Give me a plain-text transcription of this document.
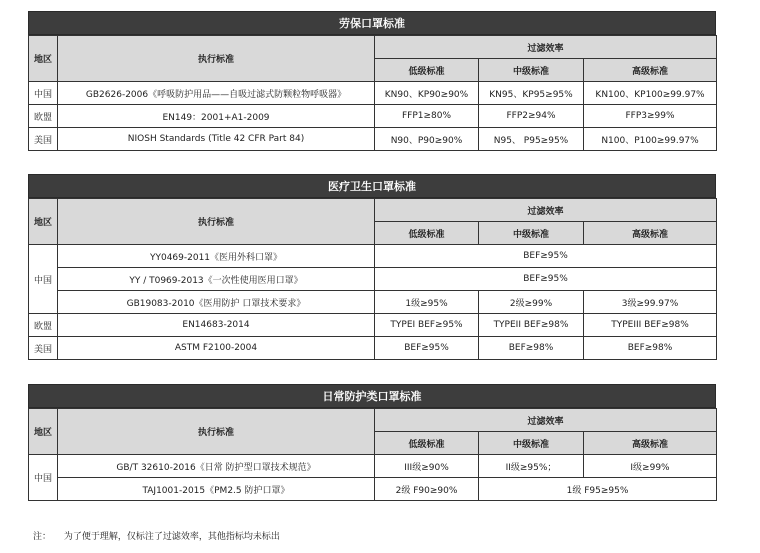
劳保口罩标准
地区	执行标准	过滤效率		
		低级标准	中级标准	高级标准
中国	GB2626-2006《呼吸防护用品——自吸过滤式防颗粒物呼吸器》	KN90、KP90≥90%	KN95、KP95≥95%	KN100、KP100≥99.97%
欧盟	EN149：2001+A1-2009	FFP1≥80%	FFP2≥94%	FFP3≥99%
美国	NIOSH Standards (Title 42 CFR Part 84)	N90、P90≥90%	N95、 P95≥95%	N100、P100≥99.97%
医疗卫生口罩标准
地区	执行标准	过滤效率		
		低级标准	中级标准	高级标准
中国	YY0469-2011《医用外科口罩》	BEF≥95%		
	YY / T0969-2013《一次性使用医用口罩》	BEF≥95%		
	GB19083-2010《医用防护 口罩技术要求》	1级≥95%	2级≥99%	3级≥99.97%
欧盟	EN14683-2014	TYPEI BEF≥95%	TYPEII BEF≥98%	TYPEIII BEF≥98%
美国	ASTM F2100-2004	BEF≥95%	BEF≥98%	BEF≥98%
日常防护类口罩标准
地区	执行标准	过滤效率		
		低级标准	中级标准	高级标准
中国	GB/T 32610-2016《日常 防护型口罩技术规范》	III级≥90%	II级≥95%；	I级≥99%
	TAJ1001-2015《PM2.5 防护口罩》	2级 F90≥90%	1级 F95≥95%	
注： 为了便于理解，仅标注了过滤效率，其他指标均未标出
